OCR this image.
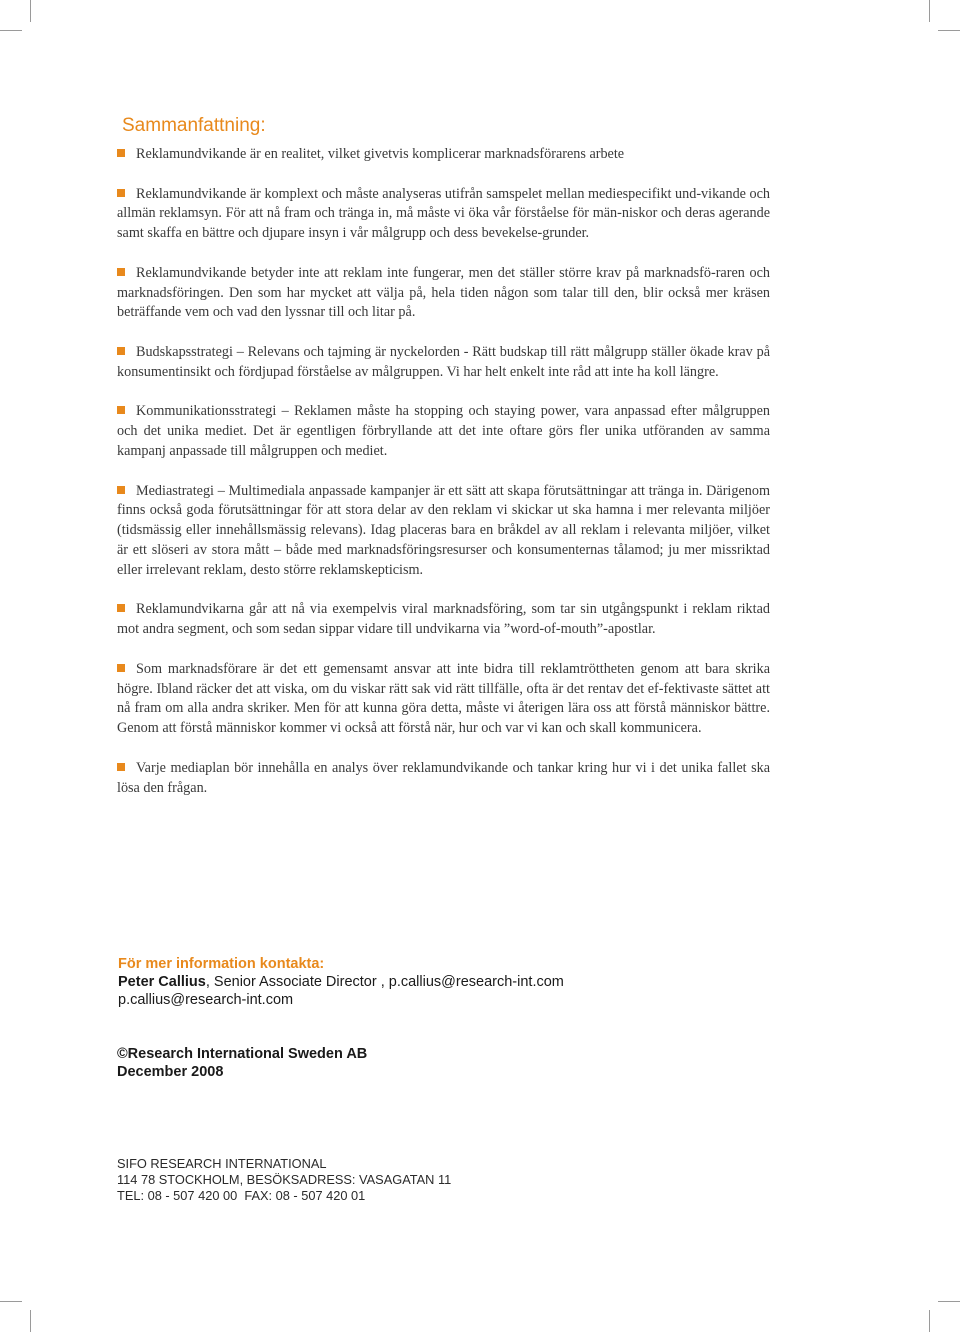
Sammanfattning:
Reklamundvikande är en realitet, vilket givetvis komplicerar marknadsförarens arbete
Reklamundvikande är komplext och måste analyseras utifrån samspelet mellan mediespecifikt und-vikande och allmän reklamsyn. För att nå fram och tränga in, må måste vi öka vår förståelse för män-niskor och deras agerande samt skaffa en bättre och djupare insyn i vår målgrupp och dess bevekelse-grunder.
Reklamundvikande betyder inte att reklam inte fungerar, men det ställer större krav på marknadsfö-raren och marknadsföringen. Den som har mycket att välja på, hela tiden någon som talar till den, blir också mer kräsen beträffande vem och vad den lyssnar till och litar på.
Budskapsstrategi – Relevans och tajming är nyckelorden - Rätt budskap till rätt målgrupp ställer ökade krav på konsumentinsikt och fördjupad förståelse av målgruppen. Vi har helt enkelt inte råd att inte ha koll längre.
Kommunikationsstrategi – Reklamen måste ha stopping och staying power, vara anpassad efter målgruppen och det unika mediet. Det är egentligen förbryllande att det inte oftare görs fler unika utföranden av samma kampanj anpassade till målgruppen och mediet.
Mediastrategi – Multimediala anpassade kampanjer är ett sätt att skapa förutsättningar att tränga in. Därigenom finns också goda förutsättningar för att stora delar av den reklam vi skickar ut ska hamna i mer relevanta miljöer (tidsmässig eller innehållsmässig relevans). Idag placeras bara en bråkdel av all reklam i relevanta miljöer, vilket är ett slöseri av stora mått – både med marknadsföringsresurser och konsumenternas tålamod; ju mer missriktad eller irrelevant reklam, desto större reklamskepticism.
Reklamundvikarna går att nå via exempelvis viral marknadsföring, som tar sin utgångspunkt i reklam riktad mot andra segment, och som sedan sippar vidare till undvikarna via ”word-of-mouth”-apostlar.
Som marknadsförare är det ett gemensamt ansvar att inte bidra till reklamtröttheten genom att bara skrika högre. Ibland räcker det att viska, om du viskar rätt sak vid rätt tillfälle, ofta är det rentav det ef-fektivaste sättet att nå fram om alla andra skriker. Men för att kunna göra detta, måste vi återigen lära oss att förstå människor bättre. Genom att förstå människor kommer vi också att förstå när, hur och var vi kan och skall kommunicera.
Varje mediaplan bör innehålla en analys över reklamundvikande och tankar kring hur vi i det unika fallet ska lösa den frågan.
För mer information kontakta:
Peter Callius, Senior Associate Director , p.callius@research-int.com
p.callius@research-int.com
©Research International Sweden AB
December 2008
SIFO RESEARCH INTERNATIONAL
114 78 STOCKHOLM, BESÖKSADRESS: VASAGATAN 11
TEL: 08 - 507 420 00  FAX: 08 - 507 420 01
